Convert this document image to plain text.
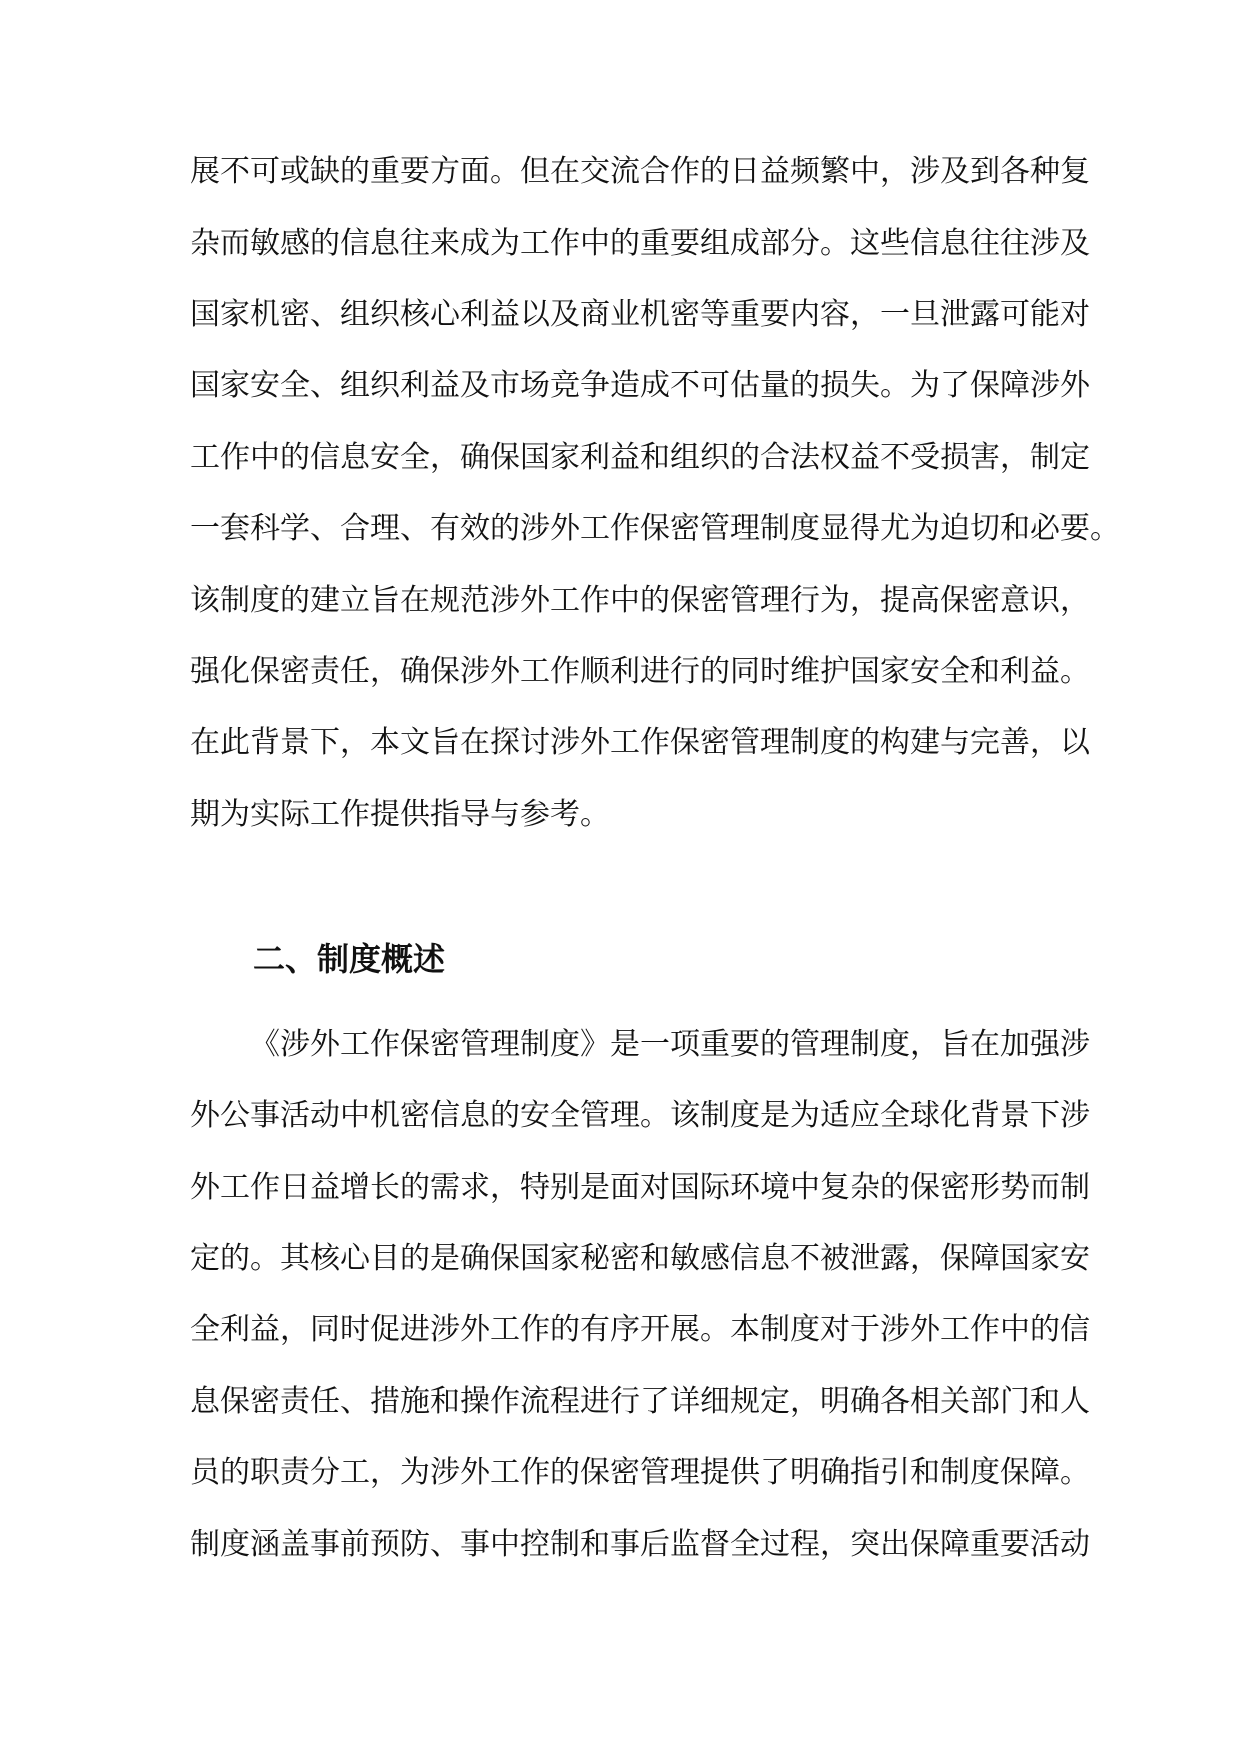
展不可或缺的重要方面。但在交流合作的日益频繁中，涉及到各种复
杂而敏感的信息往来成为工作中的重要组成部分。这些信息往往涉及
国家机密、组织核心利益以及商业机密等重要内容，一旦泄露可能对
国家安全、组织利益及市场竞争造成不可估量的损失。为了保障涉外
工作中的信息安全，确保国家利益和组织的合法权益不受损害，制定
一套科学、合理、有效的涉外工作保密管理制度显得尤为迫切和必要。
该制度的建立旨在规范涉外工作中的保密管理行为，提高保密意识，
强化保密责任，确保涉外工作顺利进行的同时维护国家安全和利益。
在此背景下，本文旨在探讨涉外工作保密管理制度的构建与完善，以
期为实际工作提供指导与参考。
二、制度概述
《涉外工作保密管理制度》是一项重要的管理制度，旨在加强涉
外公事活动中机密信息的安全管理。该制度是为适应全球化背景下涉
外工作日益增长的需求，特别是面对国际环境中复杂的保密形势而制
定的。其核心目的是确保国家秘密和敏感信息不被泄露，保障国家安
全利益，同时促进涉外工作的有序开展。本制度对于涉外工作中的信
息保密责任、措施和操作流程进行了详细规定，明确各相关部门和人
员的职责分工，为涉外工作的保密管理提供了明确指引和制度保障。
制度涵盖事前预防、事中控制和事后监督全过程，突出保障重要活动
